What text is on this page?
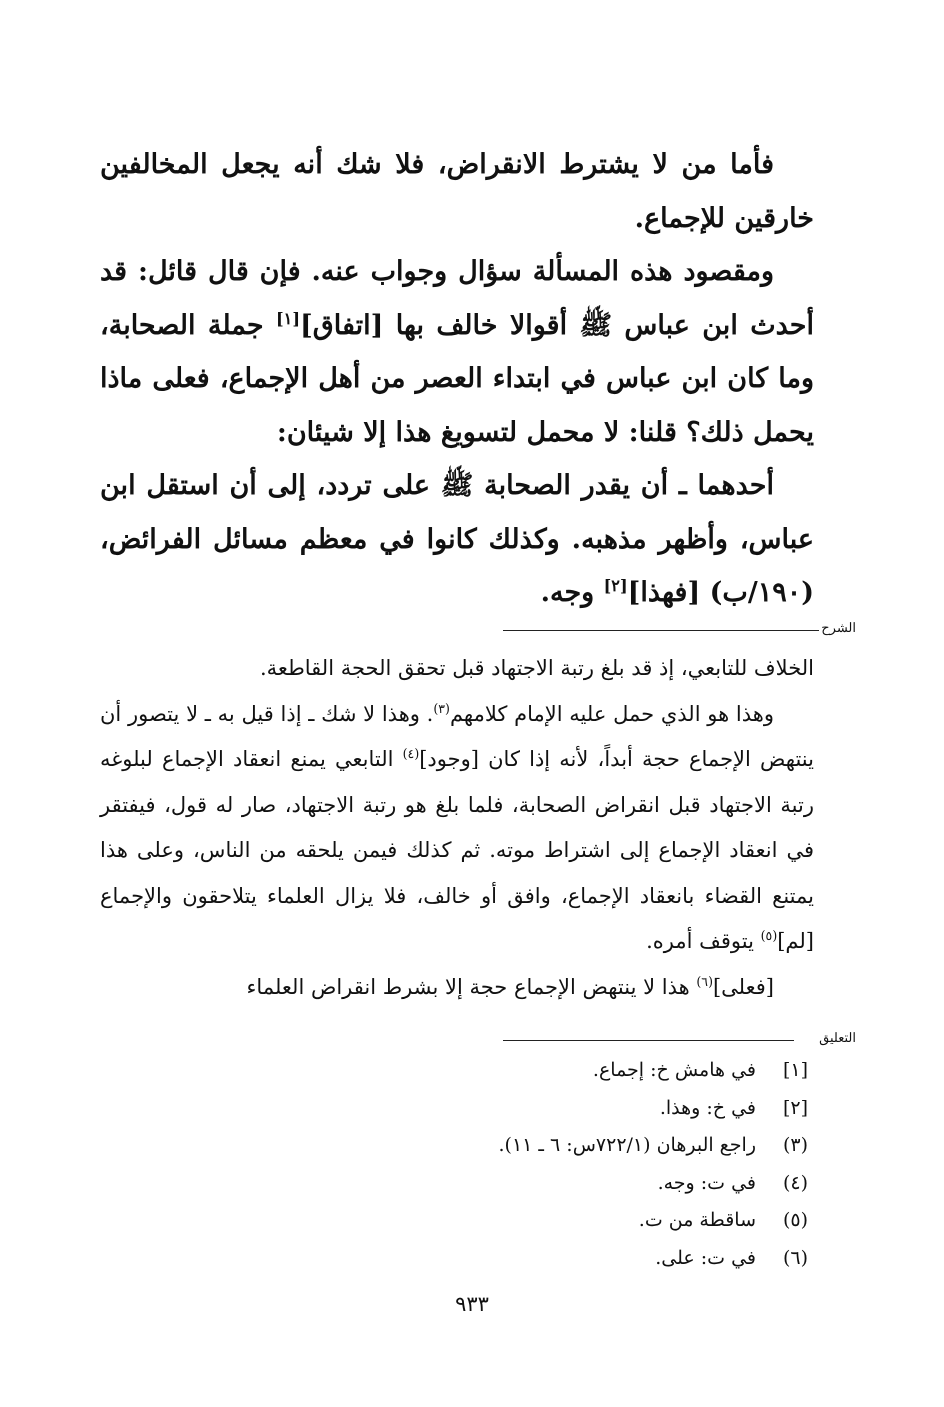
فأما من لا يشترط الانقراض، فلا شك أنه يجعل المخالفين خارقين للإجماع.

ومقصود هذه المسألة سؤال وجواب عنه. فإن قال قائل: قد أحدث ابن عباس ﷺ أقوالا خالف بها [اتفاق][١] جملة الصحابة، وما كان ابن عباس في ابتداء العصر من أهل الإجماع، فعلى ماذا يحمل ذلك؟ قلنا: لا محمل لتسويغ هذا إلا شيئان:

أحدهما ـ أن يقدر الصحابة ﷺ على تردد، إلى أن استقل ابن عباس، وأظهر مذهبه. وكذلك كانوا في معظم مسائل الفرائض، (١٩٠/ب) [فهذا][٢] وجه.

الشرح

الخلاف للتابعي، إذ قد بلغ رتبة الاجتهاد قبل تحقق الحجة القاطعة.

وهذا هو الذي حمل عليه الإمام كلامهم$^{(٣)}$. وهذا لا شك ـ إذا قيل به ـ لا يتصور أن ينتهض الإجماع حجة أبداً، لأنه إذا كان [وجود]$^{(٤)}$ التابعي يمنع انعقاد الإجماع لبلوغه رتبة الاجتهاد قبل انقراض الصحابة، فلما بلغ هو رتبة الاجتهاد، صار له قول، فيفتقر في انعقاد الإجماع إلى اشتراط موته. ثم كذلك فيمن يلحقه من الناس، وعلى هذا يمتنع القضاء بانعقاد الإجماع، وافق أو خالف، فلا يزال العلماء يتلاحقون والإجماع [لم]$^{(٥)}$ يتوقف أمره.

[فعلى]$^{(٦)}$ هذا لا ينتهض الإجماع حجة إلا بشرط انقراض العلماء

التعليق
[١]
في هامش خ: إجماع.
[٢]
في خ: وهذا.
(٣)
راجع البرهان (٧٢٢/١س: ٦ ـ ١١).
(٤)
في ت: وجه.
(٥)
ساقطة من ت.
(٦)
في ت: على.
٩٣٣
